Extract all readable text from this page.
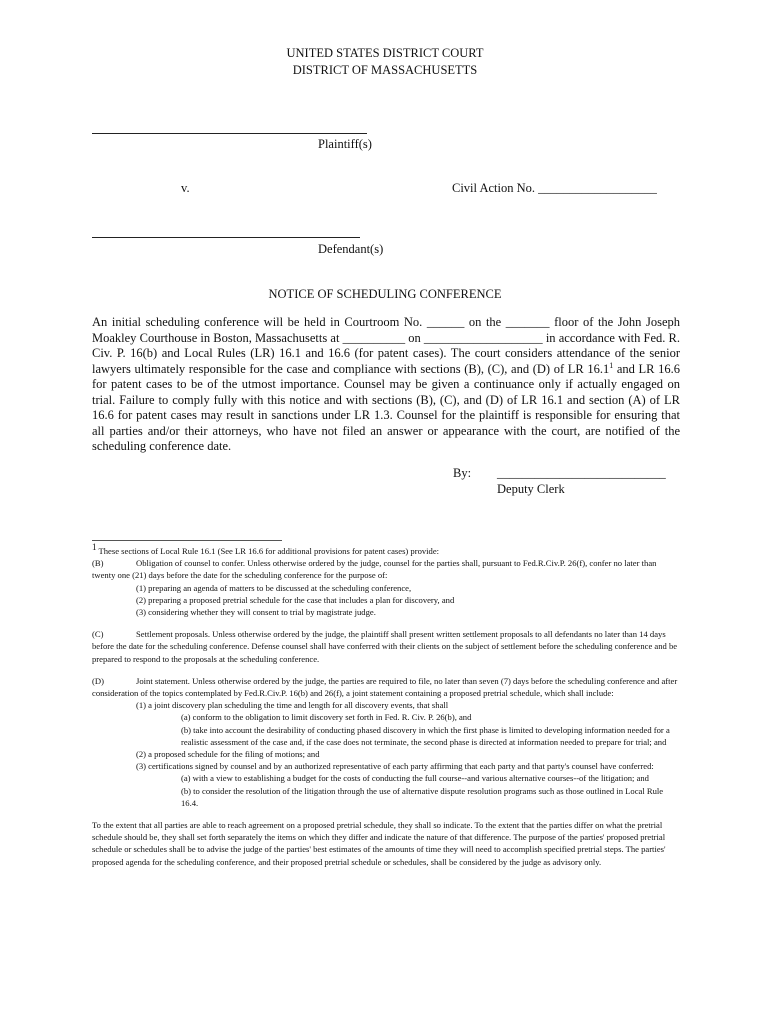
UNITED STATES DISTRICT COURT
DISTRICT OF MASSACHUSETTS
Plaintiff(s)
v.	Civil Action No. ___________________
Defendant(s)
NOTICE OF SCHEDULING CONFERENCE
An initial scheduling conference will be held in Courtroom No. ______ on the _______ floor of the John Joseph Moakley Courthouse in Boston, Massachusetts at __________ on ___________________ in accordance with Fed. R. Civ. P. 16(b) and Local Rules (LR) 16.1 and 16.6 (for patent cases). The court considers attendance of the senior lawyers ultimately responsible for the case and compliance with sections (B), (C), and (D) of LR 16.1$^1$ and LR 16.6 for patent cases to be of the utmost importance. Counsel may be given a continuance only if actually engaged on trial. Failure to comply fully with this notice and with sections (B), (C), and (D) of LR 16.1 and section (A) of LR 16.6 for patent cases may result in sanctions under LR 1.3. Counsel for the plaintiff is responsible for ensuring that all parties and/or their attorneys, who have not filed an answer or appearance with the court, are notified of the scheduling conference date.
By: ___________________________
Deputy Clerk

$^1$ These sections of Local Rule 16.1 (See LR 16.6 for additional provisions for patent cases) provide:

(B)	Obligation of counsel to confer. Unless otherwise ordered by the judge, counsel for the parties shall, pursuant to Fed.R.Civ.P. 26(f), confer no later than twenty one (21) days before the date for the scheduling conference for the purpose of:

(1) preparing an agenda of matters to be discussed at the scheduling conference,

(2) preparing a proposed pretrial schedule for the case that includes a plan for discovery, and

(3) considering whether they will consent to trial by magistrate judge.

(C)	Settlement proposals. Unless otherwise ordered by the judge, the plaintiff shall present written settlement proposals to all defendants no later than 14 days before the date for the scheduling conference. Defense counsel shall have conferred with their clients on the subject of settlement before the scheduling conference and be prepared to respond to the proposals at the scheduling conference.

(D)	Joint statement. Unless otherwise ordered by the judge, the parties are required to file, no later than seven (7) days before the scheduling conference and after consideration of the topics contemplated by Fed.R.Civ.P. 16(b) and 26(f), a joint statement containing a proposed pretrial schedule, which shall include:

(1) a joint discovery plan scheduling the time and length for all discovery events, that shall

(a) conform to the obligation to limit discovery set forth in Fed. R. Civ. P. 26(b), and

(b) take into account the desirability of conducting phased discovery in which the first phase is limited to developing information needed for a realistic assessment of the case and, if the case does not terminate, the second phase is directed at information needed to prepare for trial; and

(2) a proposed schedule for the filing of motions; and

(3) certifications signed by counsel and by an authorized representative of each party affirming that each party and that party's counsel have conferred:

(a) with a view to establishing a budget for the costs of conducting the full course--and various alternative courses--of the litigation; and

(b) to consider the resolution of the litigation through the use of alternative dispute resolution programs such as those outlined in Local Rule 16.4.

To the extent that all parties are able to reach agreement on a proposed pretrial schedule, they shall so indicate. To the extent that the parties differ on what the pretrial schedule should be, they shall set forth separately the items on which they differ and indicate the nature of that difference. The purpose of the parties' proposed pretrial schedule or schedules shall be to advise the judge of the parties' best estimates of the amounts of time they will need to accomplish specified pretrial steps. The parties' proposed agenda for the scheduling conference, and their proposed pretrial schedule or schedules, shall be considered by the judge as advisory only.
